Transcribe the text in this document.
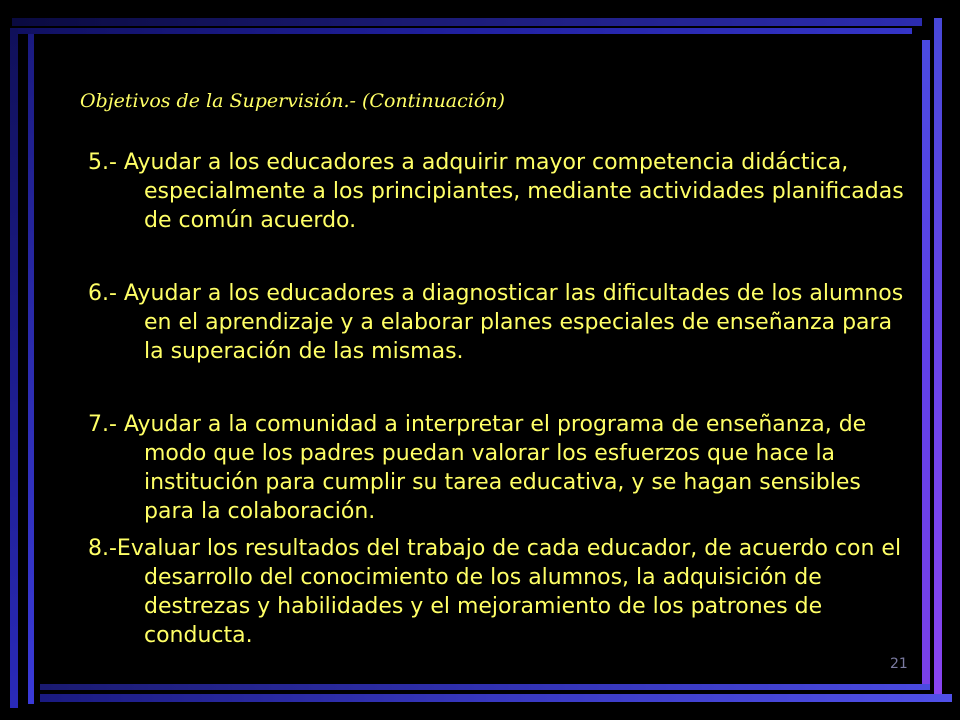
Objetivos de la Supervisión.- (Continuación)

5.- Ayudar a los educadores a adquirir mayor competencia didáctica, especialmente a los principiantes, mediante actividades planificadas de común acuerdo.

6.- Ayudar a los educadores a diagnosticar las dificultades de los alumnos en el aprendizaje y a elaborar planes especiales de enseñanza para la superación de las mismas.

7.- Ayudar a la comunidad a interpretar el programa de enseñanza, de modo que los padres puedan valorar los esfuerzos que hace la institución para cumplir su tarea educativa, y se hagan sensibles para la colaboración.

8.-Evaluar los resultados del trabajo de cada educador, de acuerdo con el desarrollo del conocimiento de los alumnos, la adquisición de destrezas y habilidades y el mejoramiento de los patrones de conducta.

21
